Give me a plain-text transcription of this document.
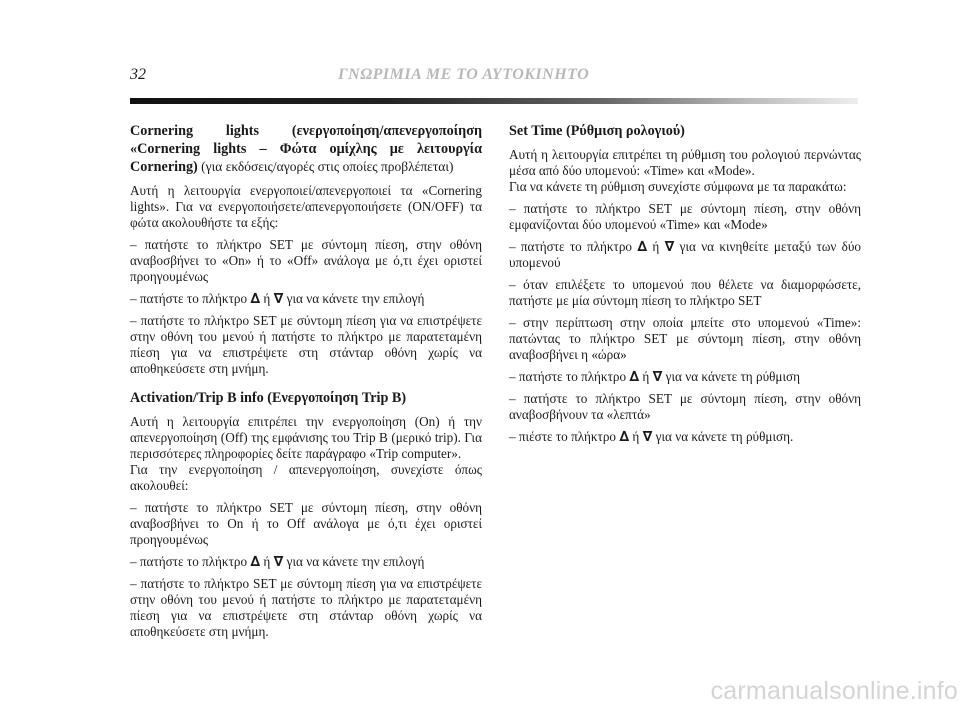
32	ΓΝΩΡΙΜΙΑ ΜΕ ΤΟ ΑΥΤΟΚΙΝΗΤΟ
Cornering lights (ενεργοποίηση/απενεργοποίηση «Cornering lights – Φώτα ομίχλης με λειτουργία Cornering) (για εκδόσεις/αγορές στις οποίες προβλέπεται)
Αυτή η λειτουργία ενεργοποιεί/απενεργοποιεί τα «Cornering lights». Για να ενεργοποιήσετε/απενεργοποιήσετε (ON/OFF) τα φώτα ακολουθήστε τα εξής:
– πατήστε το πλήκτρο SET με σύντομη πίεση, στην οθόνη αναβοσβήνει το «On» ή το «Off» ανάλογα με ό,τι έχει οριστεί προηγουμένως
– πατήστε το πλήκτρο ∆ ή ∇ για να κάνετε την επιλογή
– πατήστε το πλήκτρο SET με σύντομη πίεση για να επιστρέψετε στην οθόνη του μενού ή πατήστε το πλήκτρο με παρατεταμένη πίεση για να επιστρέψετε στη στάνταρ οθόνη χωρίς να αποθηκεύσετε στη μνήμη.
Activation/Trip B info (Ενεργοποίηση Trip B)
Αυτή η λειτουργία επιτρέπει την ενεργοποίηση (On) ή την απενεργοποίηση (Off) της εμφάνισης του Trip B (μερικό trip). Για περισσότερες πληροφορίες δείτε παράγραφο «Trip computer».
Για την ενεργοποίηση / απενεργοποίηση, συνεχίστε όπως ακολουθεί:
– πατήστε το πλήκτρο SET με σύντομη πίεση, στην οθόνη αναβοσβήνει το On ή το Off ανάλογα με ό,τι έχει οριστεί προηγουμένως
– πατήστε το πλήκτρο ∆ ή ∇ για να κάνετε την επιλογή
– πατήστε το πλήκτρο SET με σύντομη πίεση για να επιστρέψετε στην οθόνη του μενού ή πατήστε το πλήκτρο με παρατεταμένη πίεση για να επιστρέψετε στη στάνταρ οθόνη χωρίς να αποθηκεύσετε στη μνήμη.
Set Time (Ρύθμιση ρολογιού)
Αυτή η λειτουργία επιτρέπει τη ρύθμιση του ρολογιού περνώντας μέσα από δύο υπομενού: «Time» και «Mode».
Για να κάνετε τη ρύθμιση συνεχίστε σύμφωνα με τα παρακάτω:
– πατήστε το πλήκτρο SET με σύντομη πίεση, στην οθόνη εμφανίζονται δύο υπομενού «Time» και «Mode»
– πατήστε το πλήκτρο ∆ ή ∇ για να κινηθείτε μεταξύ των δύο υπομενού
– όταν επιλέξετε το υπομενού που θέλετε να διαμορφώσετε, πατήστε με μία σύντομη πίεση το πλήκτρο SET
– στην περίπτωση στην οποία μπείτε στο υπομενού «Time»: πατώντας το πλήκτρο SET με σύντομη πίεση, στην οθόνη αναβοσβήνει η «ώρα»
– πατήστε το πλήκτρο ∆ ή ∇ για να κάνετε τη ρύθμιση
– πατήστε το πλήκτρο SET με σύντομη πίεση, στην οθόνη αναβοσβήνουν τα «λεπτά»
– πιέστε το πλήκτρο ∆ ή ∇ για να κάνετε τη ρύθμιση.
carmanualsonline.info
